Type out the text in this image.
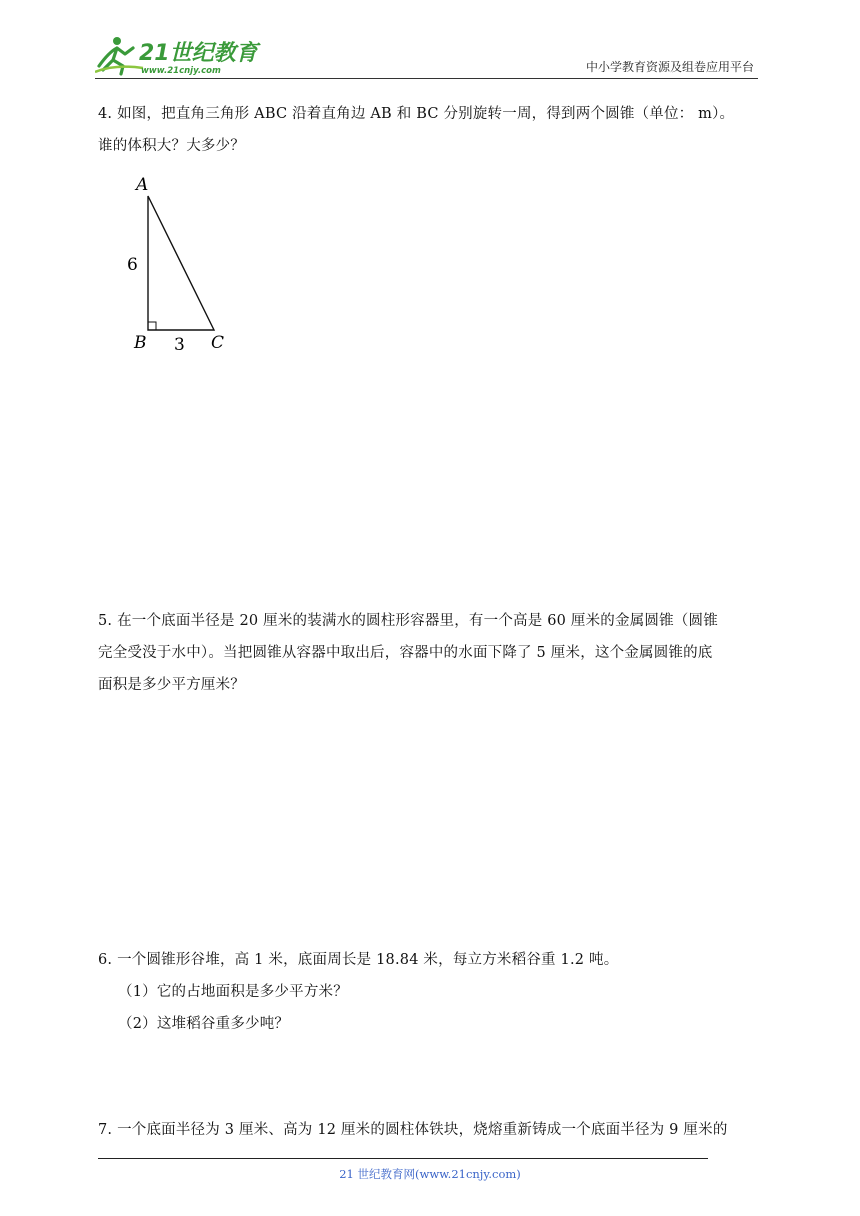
21世纪教育
www.21cnjy.com	中小学教育资源及组卷应用平台

4. 如图，把直角三角形 ABC 沿着直角边 AB 和 BC 分别旋转一周，得到两个圆锥（单位： m）。

谁的体积大？大多少？

A
B	C
6
3

5. 在一个底面半径是 20 厘米的装满水的圆柱形容器里，有一个高是 60 厘米的金属圆锥（圆锥

完全受没于水中）。当把圆锥从容器中取出后，容器中的水面下降了 5 厘米，这个金属圆锥的底

面积是多少平方厘米？

6. 一个圆锥形谷堆，高 1 米，底面周长是 18.84 米，每立方米稻谷重 1.2 吨。

（1）它的占地面积是多少平方米？

（2）这堆稻谷重多少吨？

7. 一个底面半径为 3 厘米、高为 12 厘米的圆柱体铁块，烧熔重新铸成一个底面半径为 9 厘米的

21 世纪教育网(www.21cnjy.com)
